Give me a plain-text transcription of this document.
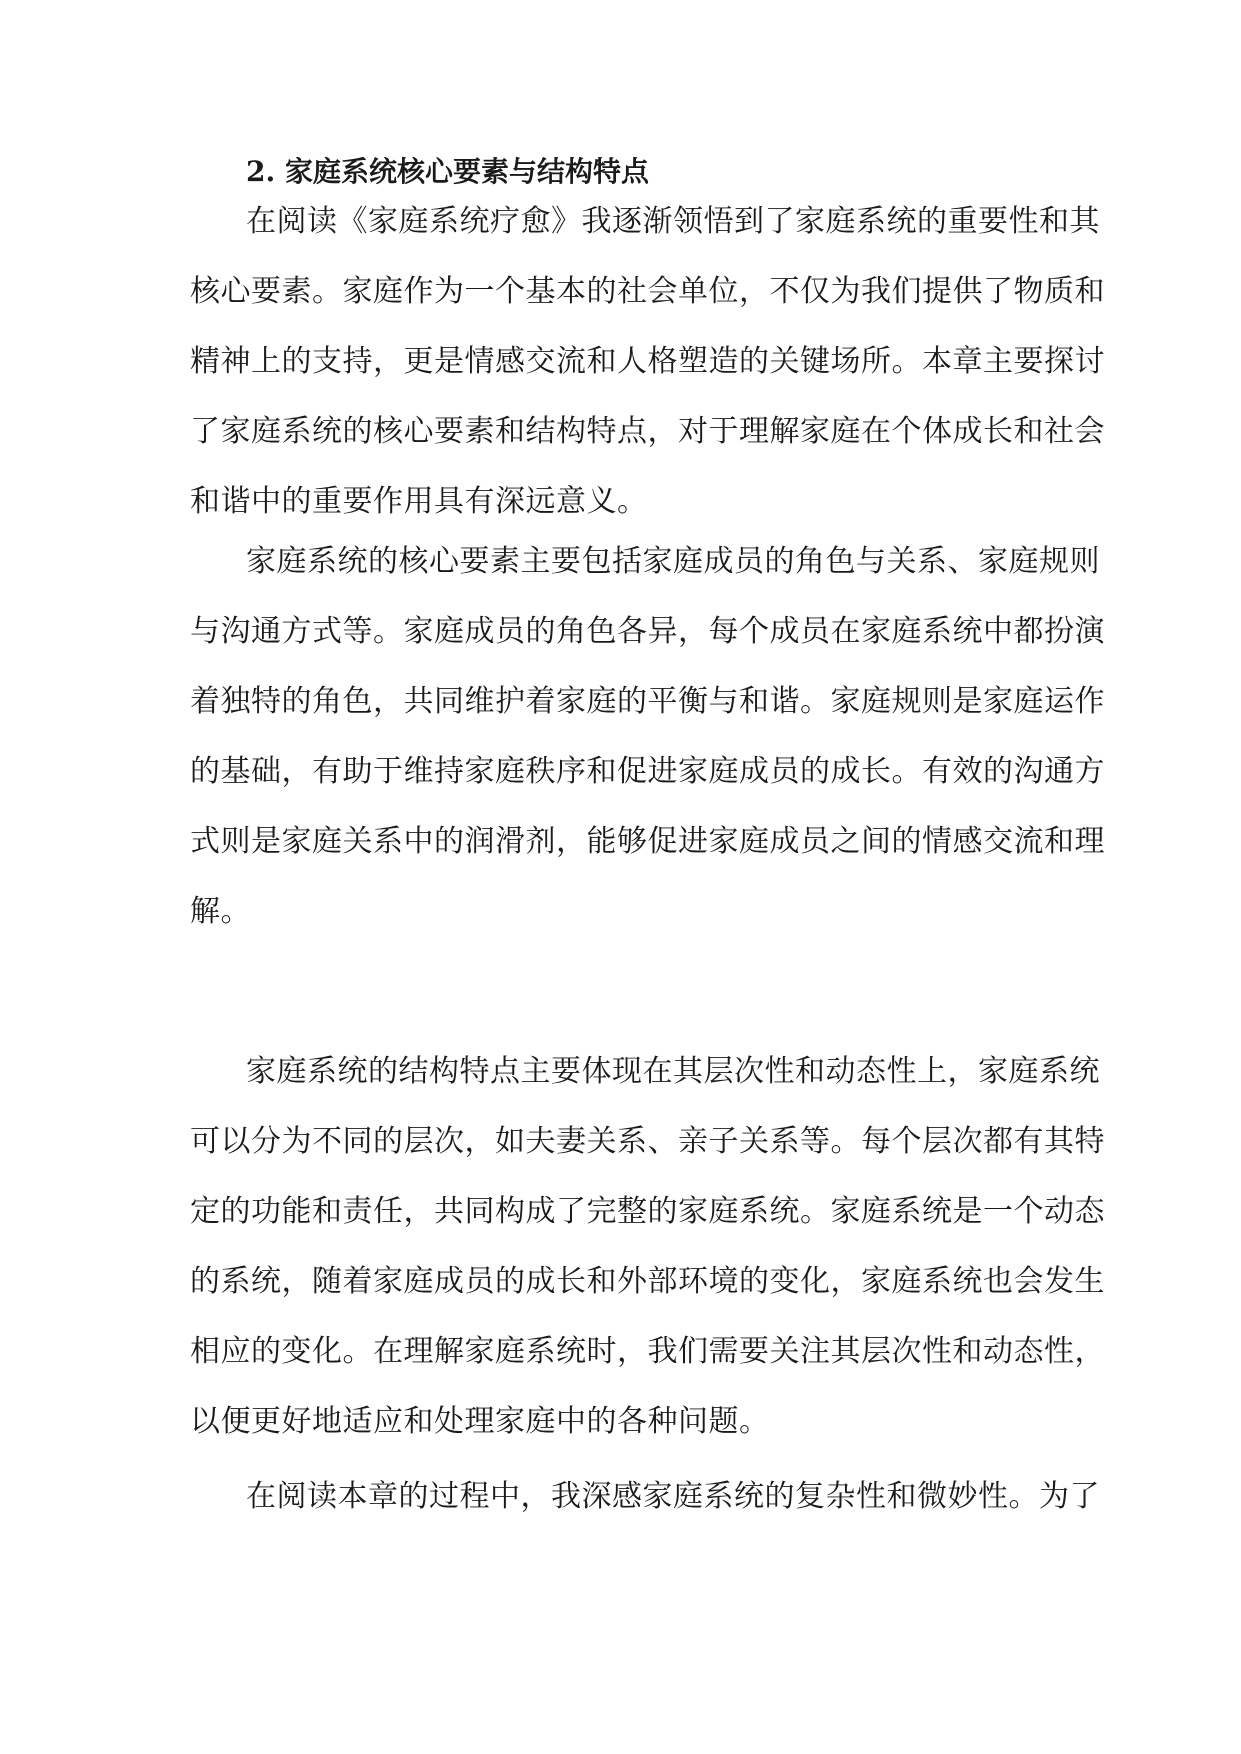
2. 家庭系统核心要素与结构特点
在阅读《家庭系统疗愈》我逐渐领悟到了家庭系统的重要性和其
核心要素。家庭作为一个基本的社会单位，不仅为我们提供了物质和
精神上的支持，更是情感交流和人格塑造的关键场所。本章主要探讨
了家庭系统的核心要素和结构特点，对于理解家庭在个体成长和社会
和谐中的重要作用具有深远意义。
家庭系统的核心要素主要包括家庭成员的角色与关系、家庭规则
与沟通方式等。家庭成员的角色各异，每个成员在家庭系统中都扮演
着独特的角色，共同维护着家庭的平衡与和谐。家庭规则是家庭运作
的基础，有助于维持家庭秩序和促进家庭成员的成长。有效的沟通方
式则是家庭关系中的润滑剂，能够促进家庭成员之间的情感交流和理
解。
家庭系统的结构特点主要体现在其层次性和动态性上，家庭系统
可以分为不同的层次，如夫妻关系、亲子关系等。每个层次都有其特
定的功能和责任，共同构成了完整的家庭系统。家庭系统是一个动态
的系统，随着家庭成员的成长和外部环境的变化，家庭系统也会发生
相应的变化。在理解家庭系统时，我们需要关注其层次性和动态性，
以便更好地适应和处理家庭中的各种问题。
在阅读本章的过程中，我深感家庭系统的复杂性和微妙性。为了
